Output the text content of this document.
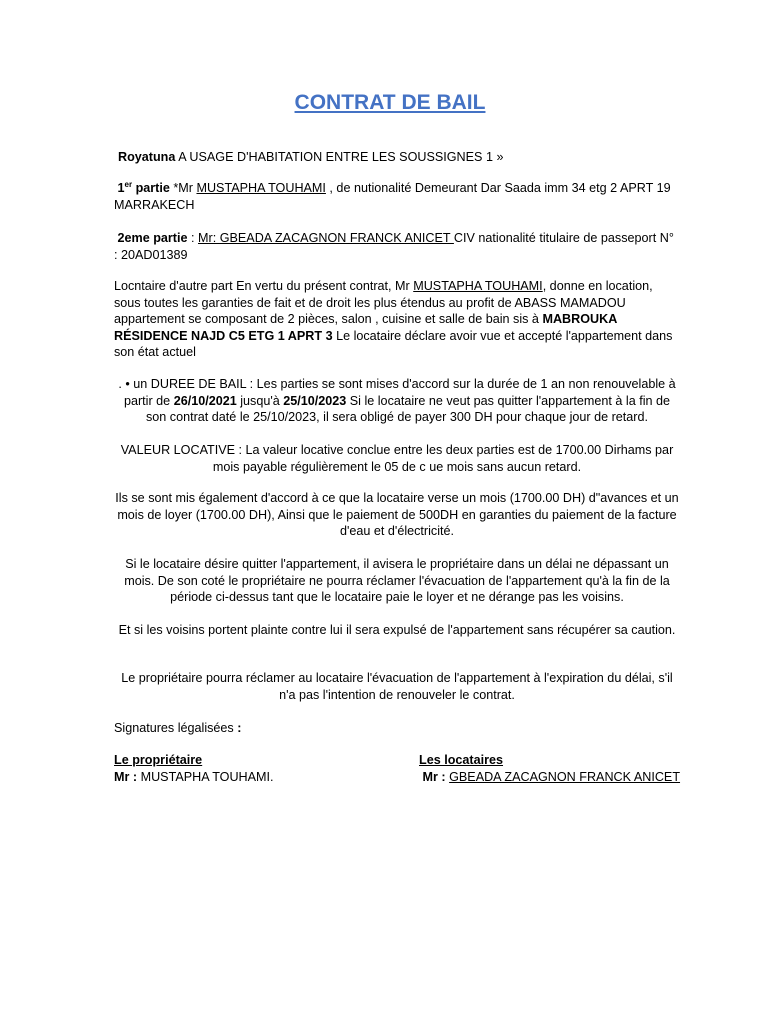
CONTRAT DE BAIL

Royatuna A USAGE D'HABITATION ENTRE LES SOUSSIGNES 1 »

1er partie *Mr MUSTAPHA TOUHAMI , de nutionalité Demeurant Dar Saada imm 34 etg 2 APRT 19 MARRAKECH

2eme partie : Mr: GBEADA ZACAGNON FRANCK ANICET CIV nationalité titulaire de passeport N° : 20AD01389

Locntaire d'autre part En vertu du présent contrat, Mr MUSTAPHA TOUHAMI, donne en location, sous toutes les garanties de fait et de droit les plus étendus au profit de ABASS MAMADOU appartement se composant de 2 pièces, salon , cuisine et salle de bain sis à MABROUKA RÉSIDENCE NAJD C5 ETG 1 APRT 3 Le locataire déclare avoir vue et accepté l'appartement dans son état actuel

. • un DUREE DE BAIL : Les parties se sont mises d'accord sur la durée de 1 an non renouvelable à partir de 26/10/2021 jusqu'à 25/10/2023 Si le locataire ne veut pas quitter l'appartement à la fin de son contrat daté le 25/10/2023, il sera obligé de payer 300 DH pour chaque jour de retard.

VALEUR LOCATIVE : La valeur locative conclue entre les deux parties est de 1700.00 Dirhams par mois payable régulièrement le 05 de c ue mois sans aucun retard.

Ils se sont mis également d'accord à ce que la locataire verse un mois (1700.00 DH) d"avances et un mois de loyer (1700.00 DH), Ainsi que le paiement de 500DH en garanties du paiement de la facture d'eau et d'électricité.

Si le locataire désire quitter l'appartement, il avisera le propriétaire dans un délai ne dépassant un mois. De son coté le propriétaire ne pourra réclamer l'évacuation de l'appartement qu'à la fin de la période ci-dessus tant que le locataire paie le loyer et ne dérange pas les voisins.

Et si les voisins portent plainte contre lui il sera expulsé de l'appartement sans récupérer sa caution.

Le propriétaire pourra réclamer au locataire l'évacuation de l'appartement à l'expiration du délai, s'il n'a pas l'intention de renouveler le contrat.

Signatures légalisées :

Le propriétaire
Mr : MUSTAPHA TOUHAMI.
Les locataires
Mr : GBEADA ZACAGNON FRANCK ANICET
